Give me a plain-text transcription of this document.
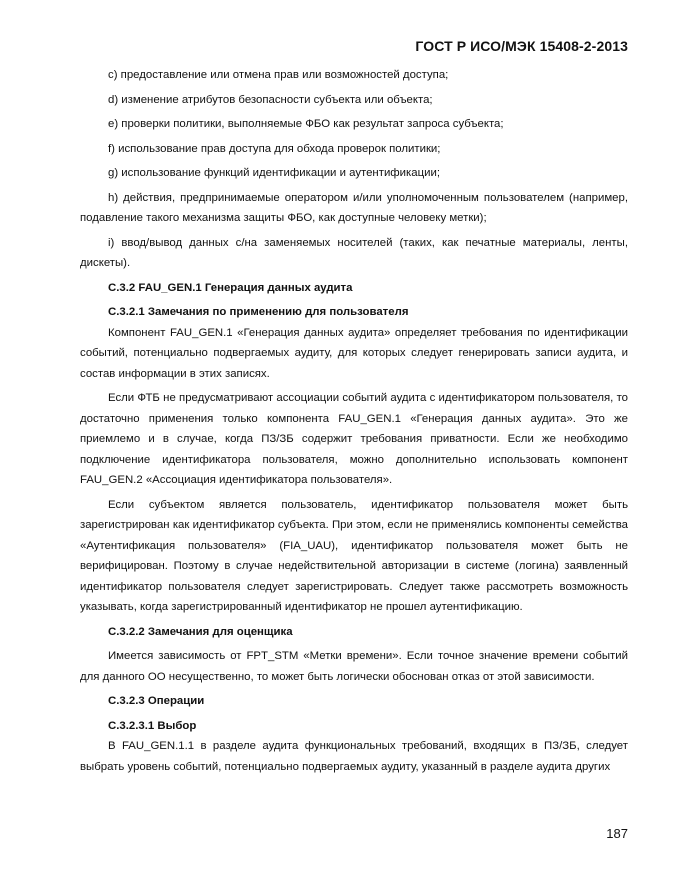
ГОСТ Р ИСО/МЭК 15408-2-2013

с) предоставление или отмена прав или возможностей доступа;

d) изменение атрибутов безопасности субъекта или объекта;

е) проверки политики, выполняемые ФБО как результат запроса субъекта;

f) использование прав доступа для обхода проверок политики;

g) использование функций идентификации и аутентификации;

h) действия, предпринимаемые оператором и/или уполномоченным пользователем (например, подавление такого механизма защиты ФБО, как доступные человеку метки);

i) ввод/вывод данных с/на заменяемых носителей (таких, как печатные материалы, ленты, дискеты).

С.3.2 FAU_GEN.1 Генерация данных аудита
С.3.2.1 Замечания по применению для пользователя

Компонент FAU_GEN.1 «Генерация данных аудита» определяет требования по идентификации событий, потенциально подвергаемых аудиту, для которых следует генерировать записи аудита, и состав информации в этих записях.

Если ФТБ не предусматривают ассоциации событий аудита с идентификатором пользователя, то достаточно применения только компонента FAU_GEN.1 «Генерация данных аудита». Это же приемлемо и в случае, когда ПЗ/ЗБ содержит требования приватности. Если же необходимо подключение идентификатора пользователя, можно дополнительно использовать компонент FAU_GEN.2 «Ассоциация идентификатора пользователя».

Если субъектом является пользователь, идентификатор пользователя может быть зарегистрирован как идентификатор субъекта. При этом, если не применялись компоненты семейства «Аутентификация пользователя» (FIA_UAU), идентификатор пользователя может быть не верифицирован. Поэтому в случае недействительной авторизации в системе (логина) заявленный идентификатор пользователя следует зарегистрировать. Следует также рассмотреть возможность указывать, когда зарегистрированный идентификатор не прошел аутентификацию.

С.3.2.2 Замечания для оценщика

Имеется зависимость от FPT_STM «Метки времени». Если точное значение времени событий для данного ОО несущественно, то может быть логически обоснован отказ от этой зависимости.

С.3.2.3 Операции
С.3.2.3.1 Выбор

В FAU_GEN.1.1 в разделе аудита функциональных требований, входящих в ПЗ/ЗБ, следует выбрать уровень событий, потенциально подвергаемых аудиту, указанный в разделе аудита других

187
